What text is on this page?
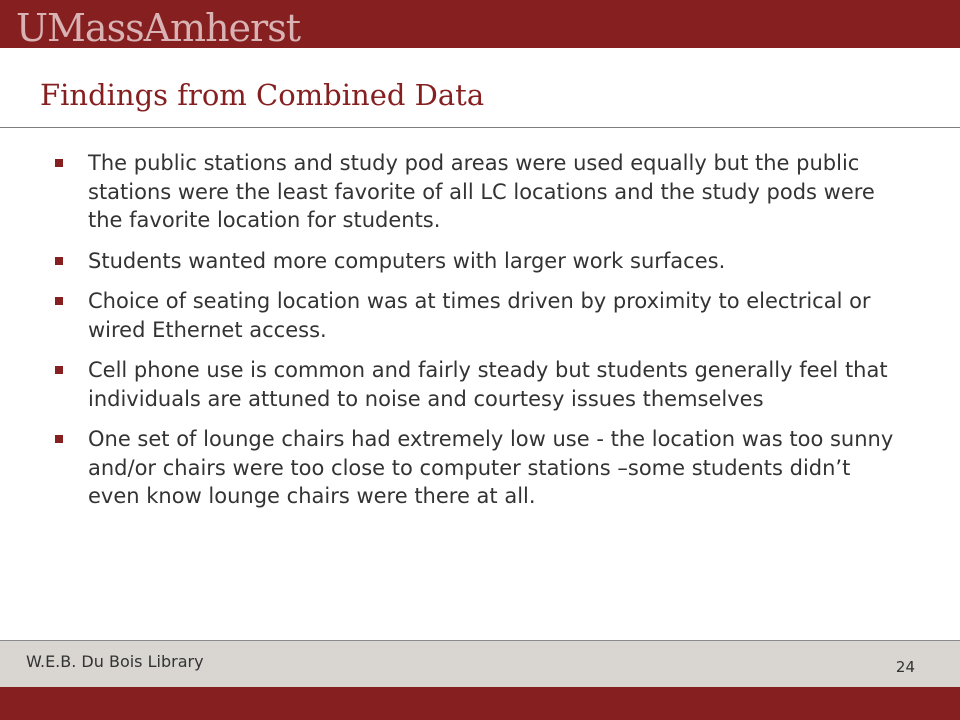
UMassAmherst
Findings from Combined Data
The public stations and study pod areas were used equally but the public stations were the least favorite of all LC locations and the study pods were the favorite location for students.
Students wanted more computers with larger work surfaces.
Choice of seating location was at times driven by proximity to electrical or wired Ethernet access.
Cell phone use is common and fairly steady but students generally feel that individuals are attuned to noise and courtesy issues themselves
One set of lounge chairs had extremely low use - the location was too sunny and/or chairs were too close to computer stations –some students didn’t even know lounge chairs were there at all.
W.E.B. Du Bois Library	24
